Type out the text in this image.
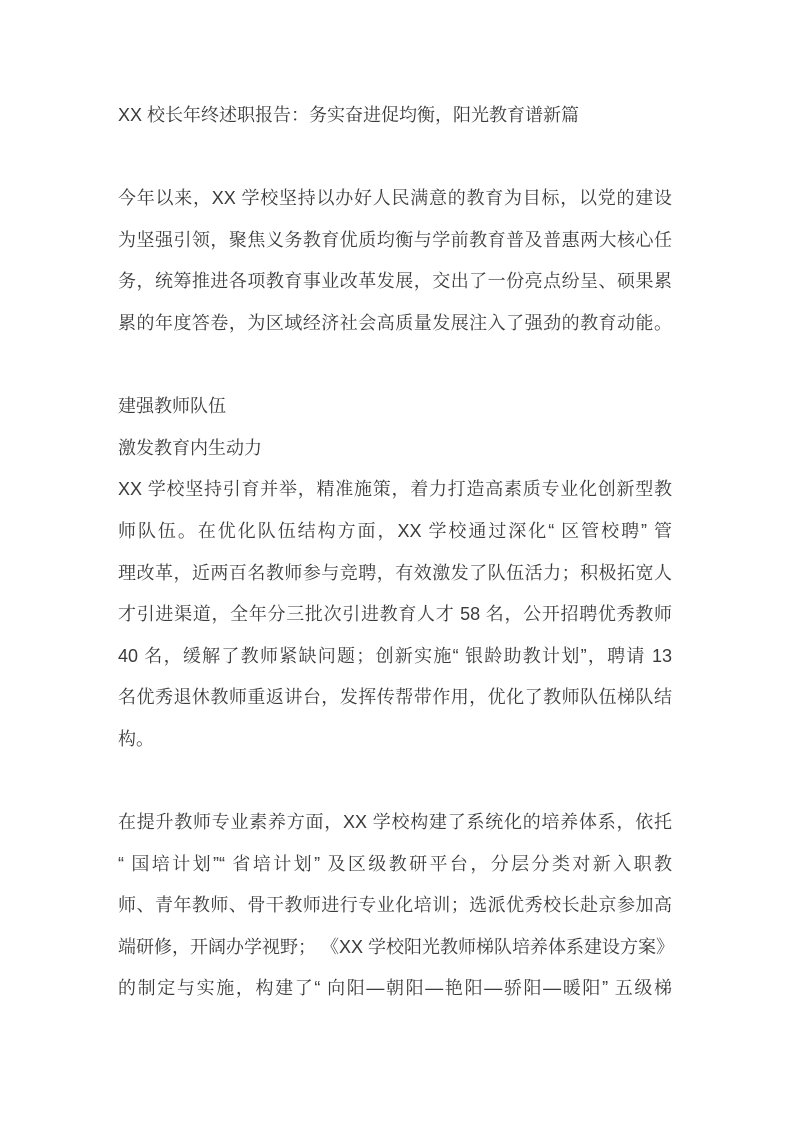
XX 校长年终述职报告：务实奋进促均衡，阳光教育谱新篇
今年以来，XX 学校坚持以办好人民满意的教育为目标，以党的建设
为坚强引领，聚焦义务教育优质均衡与学前教育普及普惠两大核心任
务，统筹推进各项教育事业改革发展，交出了一份亮点纷呈、硕果累
累的年度答卷，为区域经济社会高质量发展注入了强劲的教育动能。
建强教师队伍
激发教育内生动力
XX 学校坚持引育并举，精准施策，着力打造高素质专业化创新型教
师队伍。在优化队伍结构方面，XX 学校通过深化“ 区管校聘” 管
理改革，近两百名教师参与竞聘，有效激发了队伍活力；积极拓宽人
才引进渠道，全年分三批次引进教育人才 58 名，公开招聘优秀教师
40 名，缓解了教师紧缺问题；创新实施“ 银龄助教计划”，聘请 13
名优秀退休教师重返讲台，发挥传帮带作用，优化了教师队伍梯队结
构。
在提升教师专业素养方面，XX 学校构建了系统化的培养体系，依托
“ 国培计划”“ 省培计划” 及区级教研平台，分层分类对新入职教
师、青年教师、骨干教师进行专业化培训；选派优秀校长赴京参加高
端研修，开阔办学视野； 《XX 学校阳光教师梯队培养体系建设方案》
的制定与实施，构建了“ 向阳—朝阳—艳阳—骄阳—暖阳” 五级梯
